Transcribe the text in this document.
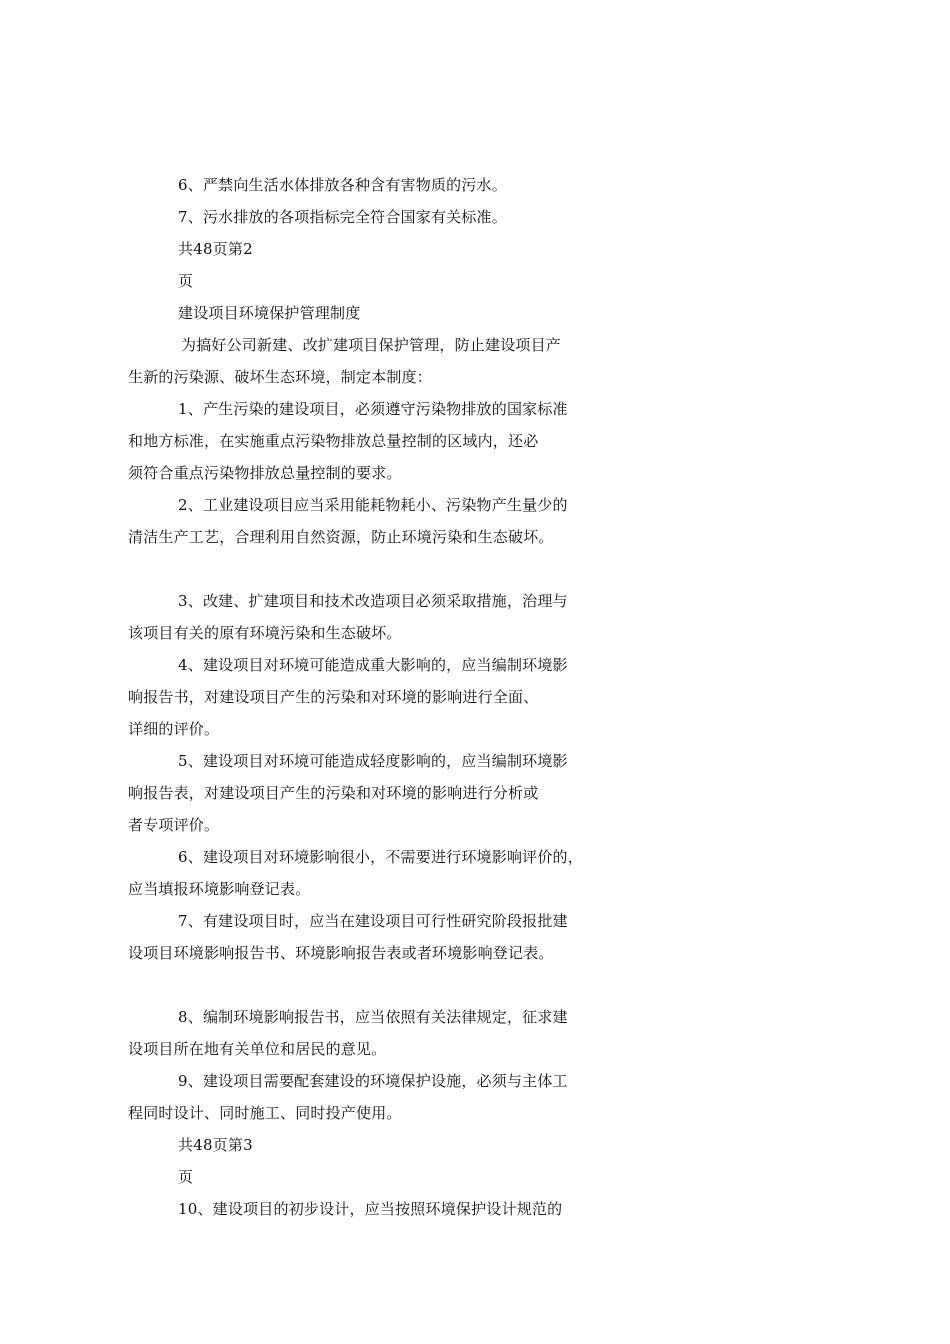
6、严禁向生活水体排放各种含有害物质的污水。
7、污水排放的各项指标完全符合国家有关标准。
共48页第2
页
建设项目环境保护管理制度
为搞好公司新建、改扩建项目保护管理，防止建设项目产
生新的污染源、破坏生态环境，制定本制度：
1、产生污染的建设项目，必须遵守污染物排放的国家标准
和地方标准，在实施重点污染物排放总量控制的区域内，还必
须符合重点污染物排放总量控制的要求。
2、工业建设项目应当采用能耗物耗小、污染物产生量少的
清洁生产工艺，合理利用自然资源，防止环境污染和生态破坏。
3、改建、扩建项目和技术改造项目必须采取措施，治理与
该项目有关的原有环境污染和生态破坏。
4、建设项目对环境可能造成重大影响的，应当编制环境影
响报告书，对建设项目产生的污染和对环境的影响进行全面、
详细的评价。
5、建设项目对环境可能造成轻度影响的，应当编制环境影
响报告表，对建设项目产生的污染和对环境的影响进行分析或
者专项评价。
6、建设项目对环境影响很小，不需要进行环境影响评价的，
应当填报环境影响登记表。
7、有建设项目时，应当在建设项目可行性研究阶段报批建
设项目环境影响报告书、环境影响报告表或者环境影响登记表。
8、编制环境影响报告书，应当依照有关法律规定，征求建
设项目所在地有关单位和居民的意见。
9、建设项目需要配套建设的环境保护设施，必须与主体工
程同时设计、同时施工、同时投产使用。
共48页第3
页
10、建设项目的初步设计，应当按照环境保护设计规范的
